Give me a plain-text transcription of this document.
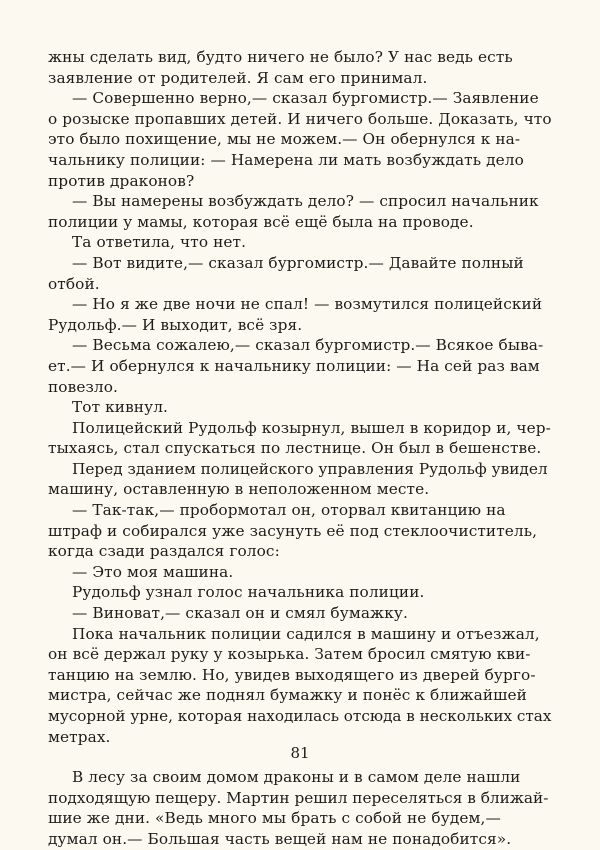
жны сделать вид, будто ничего не было? У нас ведь есть
заявление от родителей. Я сам его принимал.
— Совершенно верно,— сказал бургомистр.— Заявление
о розыске пропавших детей. И ничего больше. Доказать, что
это было похищение, мы не можем.— Он обернулся к на-
чальнику полиции: — Намерена ли мать возбуждать дело
против драконов?
— Вы намерены возбуждать дело? — спросил начальник
полиции у мамы, которая всё ещё была на проводе.
Та ответила, что нет.
— Вот видите,— сказал бургомистр.— Давайте полный
отбой.
— Но я же две ночи не спал! — возмутился полицейский
Рудольф.— И выходит, всё зря.
— Весьма сожалею,— сказал бургомистр.— Всякое быва-
ет.— И обернулся к начальнику полиции: — На сей раз вам
повезло.
Тот кивнул.
Полицейский Рудольф козырнул, вышел в коридор и, чер-
тыхаясь, стал спускаться по лестнице. Он был в бешенстве.
Перед зданием полицейского управления Рудольф увидел
машину, оставленную в неположенном месте.
— Так-так,— пробормотал он, оторвал квитанцию на
штраф и собирался уже засунуть её под стеклоочиститель,
когда сзади раздался голос:
— Это моя машина.
Рудольф узнал голос начальника полиции.
— Виноват,— сказал он и смял бумажку.
Пока начальник полиции садился в машину и отъезжал,
он всё держал руку у козырька. Затем бросил смятую кви-
танцию на землю. Но, увидев выходящего из дверей бурго-
мистра, сейчас же поднял бумажку и понёс к ближайшей
мусорной урне, которая находилась отсюда в нескольких стах
метрах.
В лесу за своим домом драконы и в самом деле нашли
подходящую пещеру. Мартин решил переселяться в ближай-
шие же дни. «Ведь много мы брать с собой не будем,—
думал он.— Большая часть вещей нам не понадобится».
81
